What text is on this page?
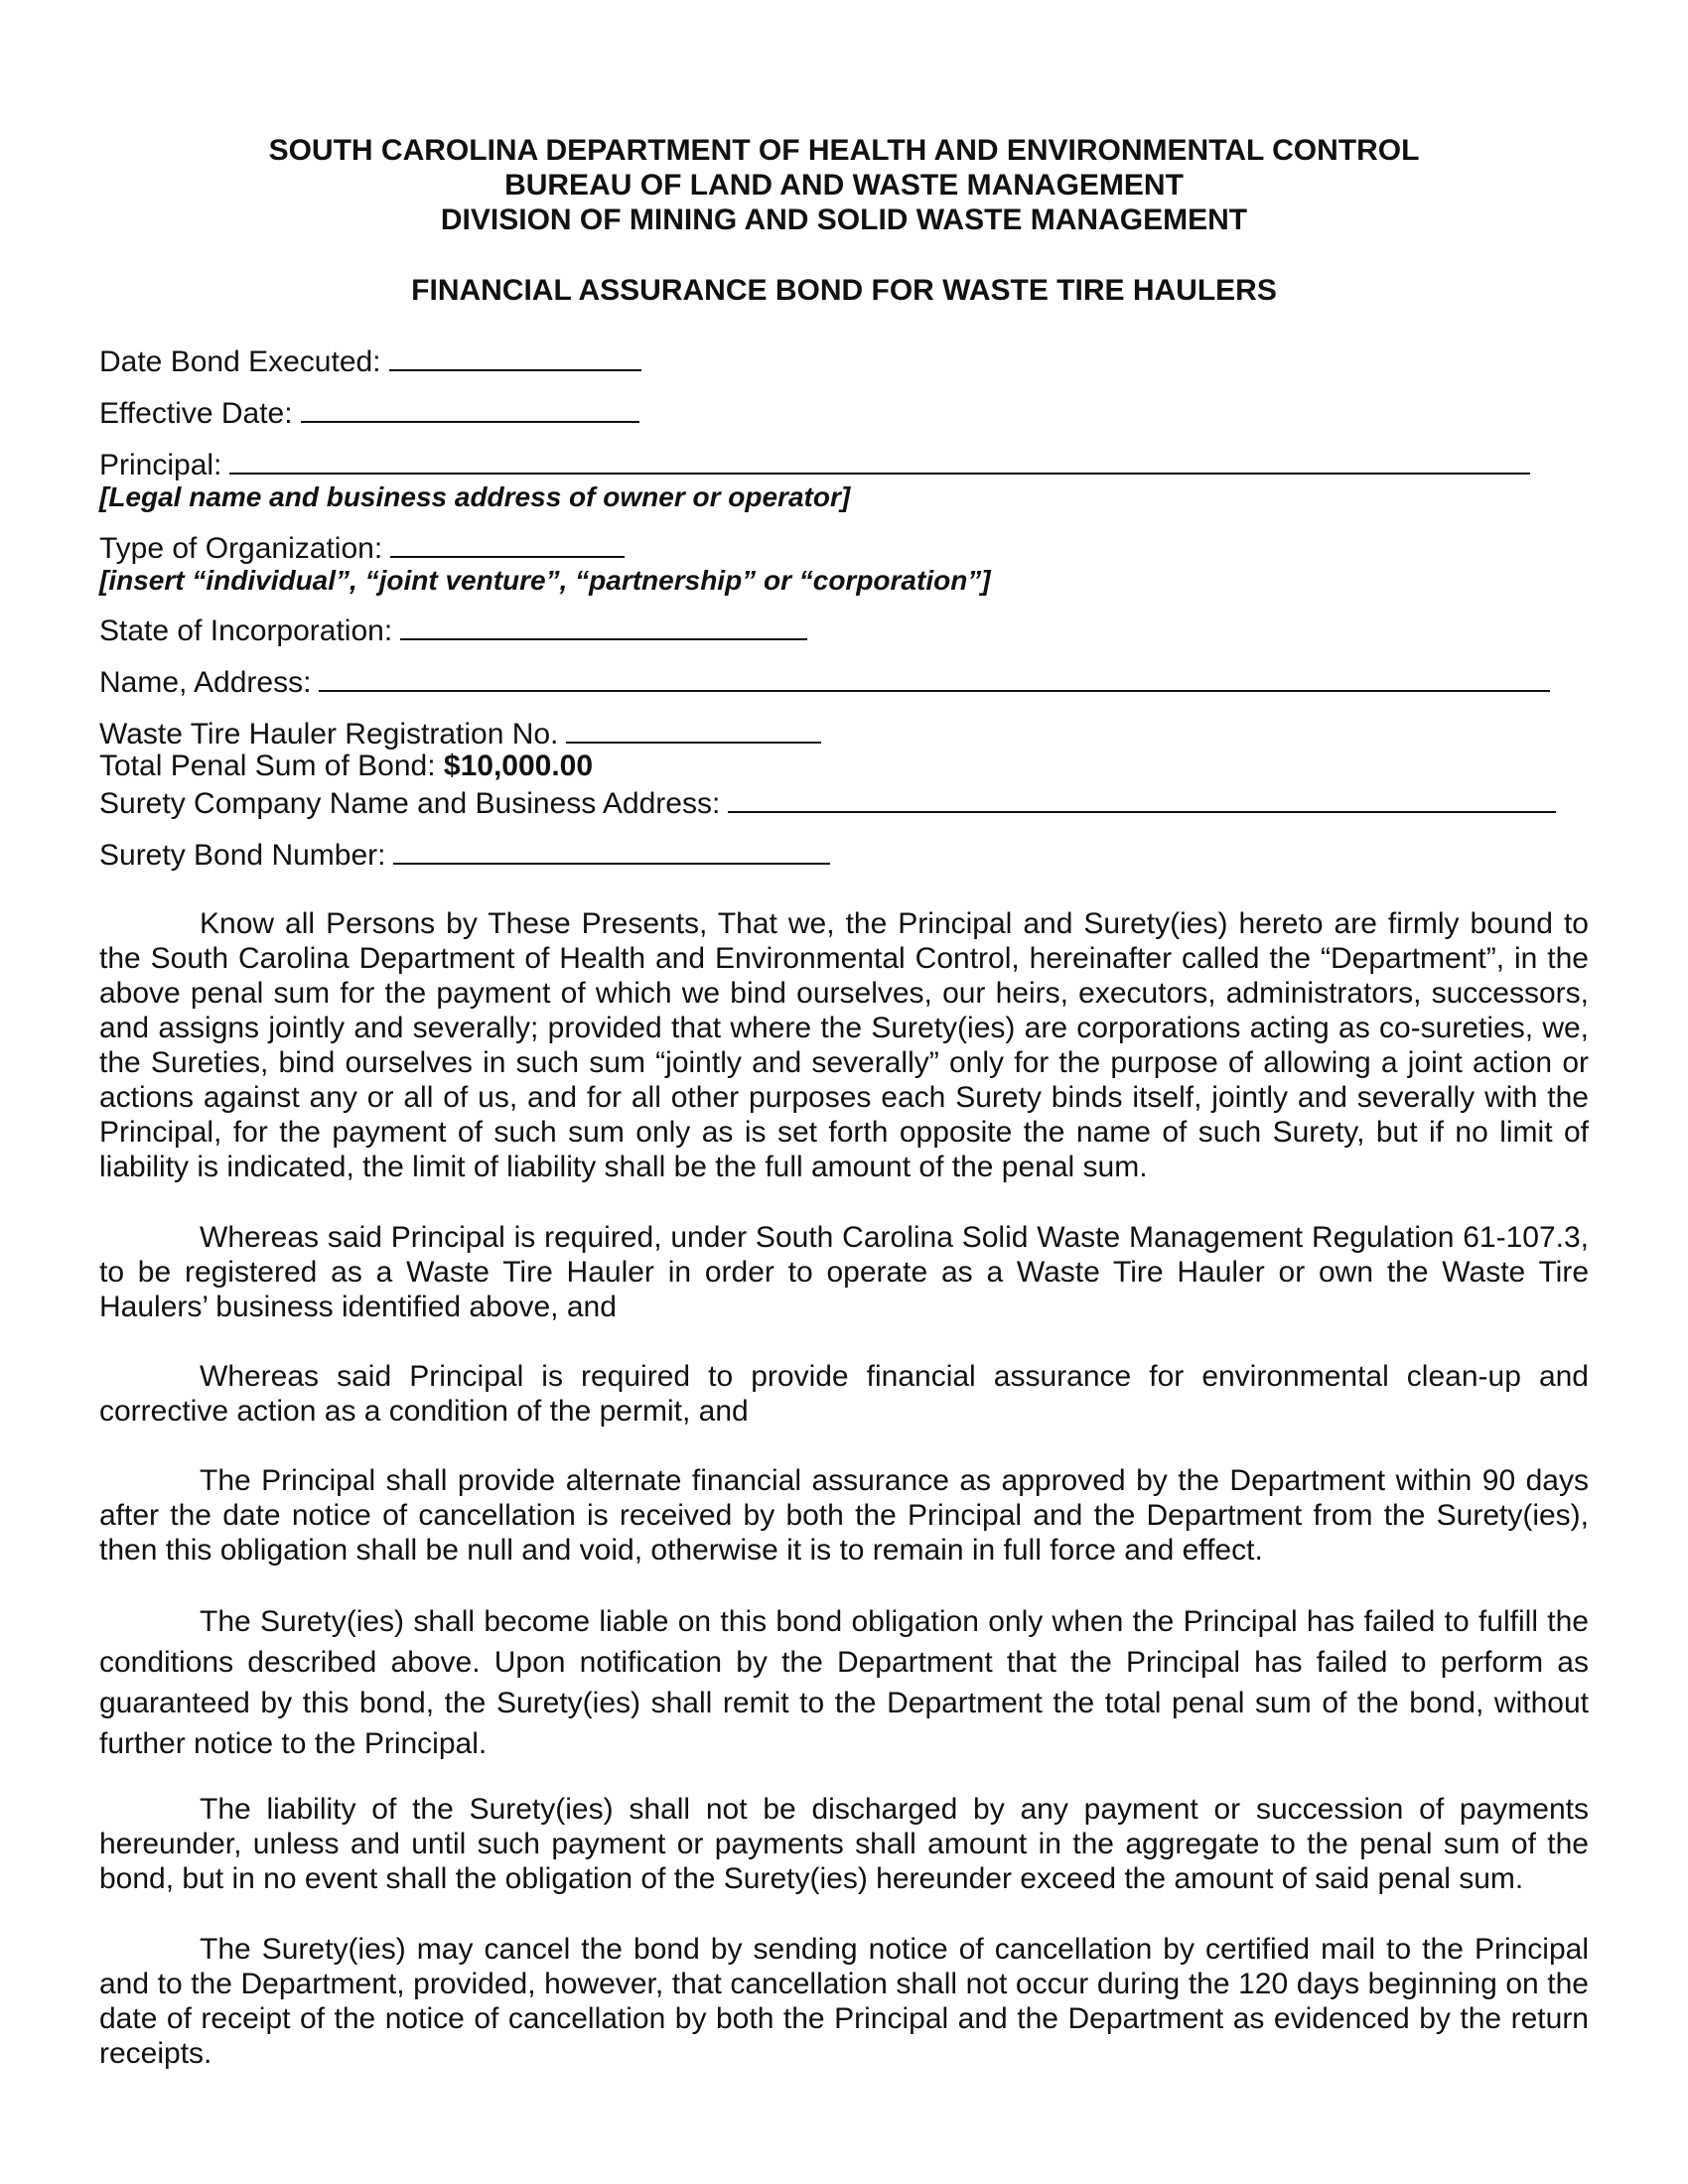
SOUTH CAROLINA DEPARTMENT OF HEALTH AND ENVIRONMENTAL CONTROL
BUREAU OF LAND AND WASTE MANAGEMENT
DIVISION OF MINING AND SOLID WASTE MANAGEMENT
FINANCIAL ASSURANCE BOND FOR WASTE TIRE HAULERS
Date Bond Executed:
Effective Date:
Principal:
[Legal name and business address of owner or operator]
Type of Organization:
[insert “individual”, “joint venture”, “partnership” or “corporation”]
State of Incorporation:
Name, Address:
Waste Tire Hauler Registration No.
Total Penal Sum of Bond: $10,000.00
Surety Company Name and Business Address:
Surety Bond Number:

Know all Persons by These Presents, That we, the Principal and Surety(ies) hereto are firmly bound to the South Carolina Department of Health and Environmental Control, hereinafter called the “Department”, in the above penal sum for the payment of which we bind ourselves, our heirs, executors, administrators, successors, and assigns jointly and severally; provided that where the Surety(ies) are corporations acting as co-sureties, we, the Sureties, bind ourselves in such sum “jointly and severally” only for the purpose of allowing a joint action or actions against any or all of us, and for all other purposes each Surety binds itself, jointly and severally with the Principal, for the payment of such sum only as is set forth opposite the name of such Surety, but if no limit of liability is indicated, the limit of liability shall be the full amount of the penal sum.

Whereas said Principal is required, under South Carolina Solid Waste Management Regulation 61-107.3, to be registered as a Waste Tire Hauler in order to operate as a Waste Tire Hauler or own the Waste Tire Haulers’ business identified above, and

Whereas said Principal is required to provide financial assurance for environmental clean-up and corrective action as a condition of the permit, and

The Principal shall provide alternate financial assurance as approved by the Department within 90 days after the date notice of cancellation is received by both the Principal and the Department from the Surety(ies), then this obligation shall be null and void, otherwise it is to remain in full force and effect.

The Surety(ies) shall become liable on this bond obligation only when the Principal has failed to fulfill the conditions described above. Upon notification by the Department that the Principal has failed to perform as guaranteed by this bond, the Surety(ies) shall remit to the Department the total penal sum of the bond, without further notice to the Principal.

The liability of the Surety(ies) shall not be discharged by any payment or succession of payments hereunder, unless and until such payment or payments shall amount in the aggregate to the penal sum of the bond, but in no event shall the obligation of the Surety(ies) hereunder exceed the amount of said penal sum.

The Surety(ies) may cancel the bond by sending notice of cancellation by certified mail to the Principal and to the Department, provided, however, that cancellation shall not occur during the 120 days beginning on the date of receipt of the notice of cancellation by both the Principal and the Department as evidenced by the return receipts.
